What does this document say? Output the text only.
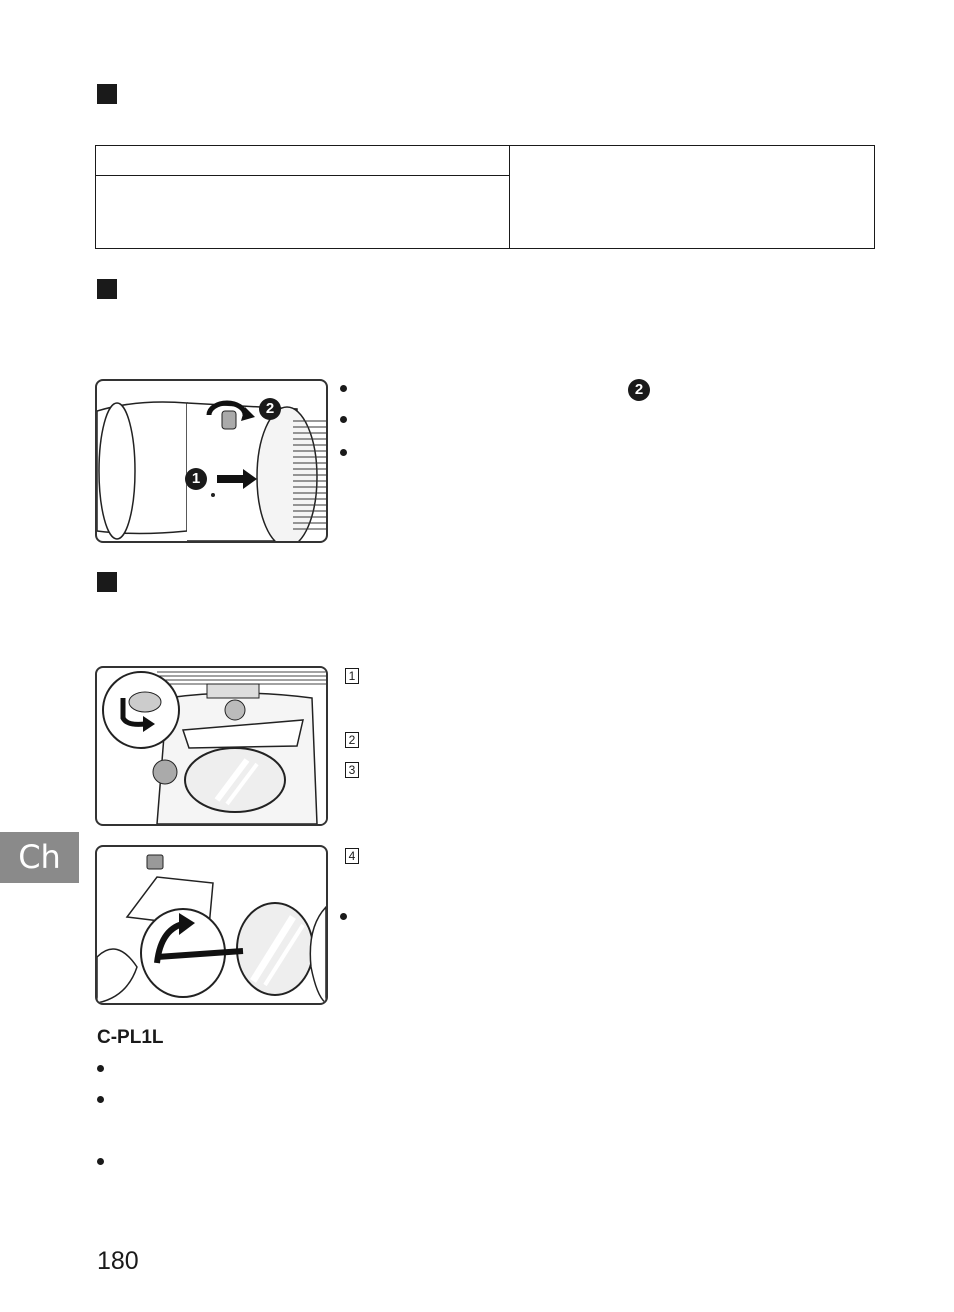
1
2
2
1
2
3
4
C-PL1L
Ch
180
